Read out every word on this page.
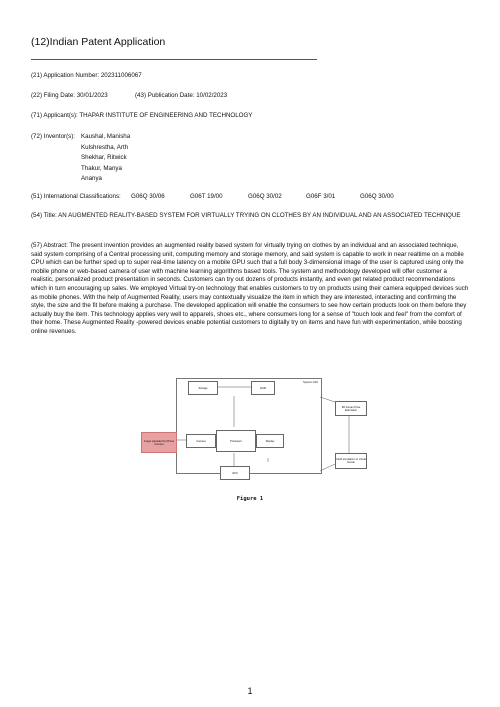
(12)Indian Patent Application
(21) Application Number: 202311006067
(22) Filing Date: 30/01/2023	(43) Publication Date: 10/02/2023
(71) Applicant(s): THAPAR INSTITUTE OF ENGINEERING AND TECHNOLOGY
(72) Inventor(s): Kaushal, Manisha
Kulshrestha, Arth
Shekhar, Ritwick
Thakur, Manya
Ananya
(51) International Classifications: G06Q 30/06	G06T 19/00	G06Q 30/02	G06F 3/01	G06Q 30/00
(54) Title: AN AUGMENTED REALITY-BASED SYSTEM FOR VIRTUALLY TRYING ON CLOTHES BY AN INDIVIDUAL AND AN ASSOCIATED TECHNIQUE
(57) Abstract: The present invention provides an augmented reality based system for virtually trying on clothes by an individual and an associated technique, said system comprising of a Central processing unit, computing memory and storage memory, and said system is capable to work in near realtime on a mobile CPU which can be further sped up to super real-time latency on a mobile GPU such that a full body 3-dimensional image of the user is captured using only the mobile phone or web-based camera of user with machine learning algorithms based tools. The system and methodology developed will offer customer a realistic, personalized product presentation in seconds. Customers can try out dozens of products instantly, and even get related product recommendations which in turn encouraging up sales. We employed Virtual try-on technology that enables customers to try on products using their camera equipped devices such as mobile phones. With the help of Augmented Reality, users may contextually visualize the item in which they are interested, interacting and confirming the style, the size and the fit before making a purchase. The developed application will enable the consumers to see how certain products look on them before they actually buy the item. This technology applies very well to apparels, shoes etc., where consumers long for a sense of "touch look and feel" from the comfort of their home. These Augmented Reality -powered devices enable potential customers to digitally try on items and have fun with experimentation, while boosting online revenues.
System 100
Storage	RAM
Camera	Processor	Display
GPU
Image uploaded by Phone Camera
3D human Pose Estimation
Cloth simulation on virtual human
Figure 1
1
